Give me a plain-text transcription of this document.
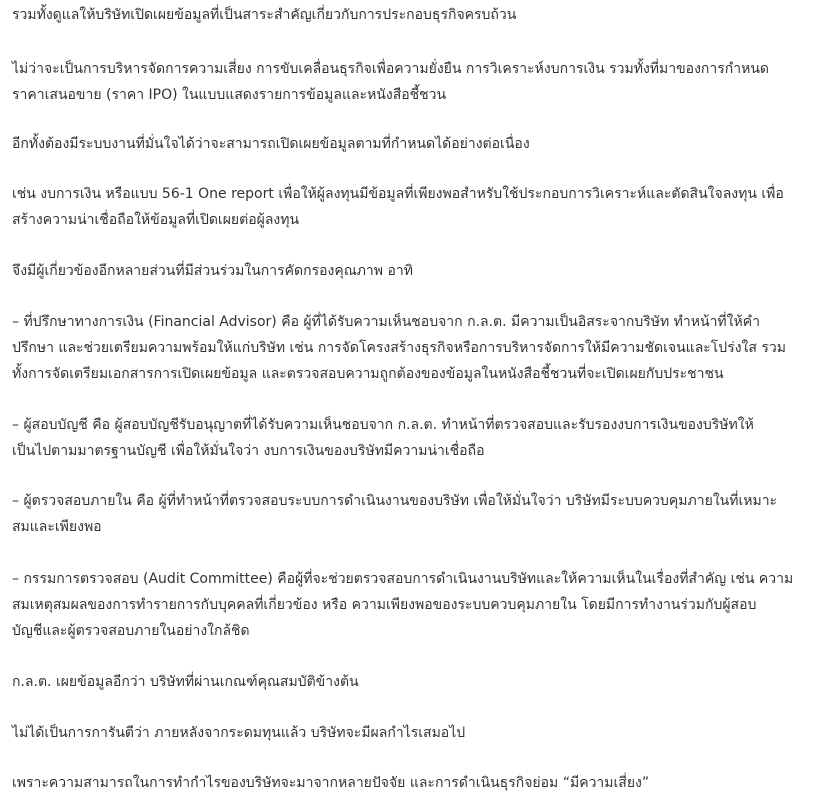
รวมทั้งดูแลให้บริษัทเปิดเผยข้อมูลที่เป็นสาระสำคัญเกี่ยวกับการประกอบธุรกิจครบถ้วน

ไม่ว่าจะเป็นการบริหารจัดการความเสี่ยง การขับเคลื่อนธุรกิจเพื่อความยั่งยืน การวิเคราะห์งบการเงิน รวมทั้งที่มาของการกำหนด
ราคาเสนอขาย (ราคา IPO) ในแบบแสดงรายการข้อมูลและหนังสือชี้ชวน

อีกทั้งต้องมีระบบงานที่มั่นใจได้ว่าจะสามารถเปิดเผยข้อมูลตามที่กำหนดได้อย่างต่อเนื่อง

เช่น งบการเงิน หรือแบบ 56-1 One report เพื่อให้ผู้ลงทุนมีข้อมูลที่เพียงพอสำหรับใช้ประกอบการวิเคราะห์และตัดสินใจลงทุน เพื่อ
สร้างความน่าเชื่อถือให้ข้อมูลที่เปิดเผยต่อผู้ลงทุน

จึงมีผู้เกี่ยวข้องอีกหลายส่วนที่มีส่วนร่วมในการคัดกรองคุณภาพ อาทิ

– ที่ปรึกษาทางการเงิน (Financial Advisor) คือ ผู้ที่ได้รับความเห็นชอบจาก ก.ล.ต. มีความเป็นอิสระจากบริษัท ทำหน้าที่ให้คำ
ปรึกษา และช่วยเตรียมความพร้อมให้แก่บริษัท เช่น การจัดโครงสร้างธุรกิจหรือการบริหารจัดการให้มีความชัดเจนและโปร่งใส รวม
ทั้งการจัดเตรียมเอกสารการเปิดเผยข้อมูล และตรวจสอบความถูกต้องของข้อมูลในหนังสือชี้ชวนที่จะเปิดเผยกับประชาชน

– ผู้สอบบัญชี คือ ผู้สอบบัญชีรับอนุญาตที่ได้รับความเห็นชอบจาก ก.ล.ต. ทำหน้าที่ตรวจสอบและรับรองงบการเงินของบริษัทให้
เป็นไปตามมาตรฐานบัญชี เพื่อให้มั่นใจว่า งบการเงินของบริษัทมีความน่าเชื่อถือ

– ผู้ตรวจสอบภายใน คือ ผู้ที่ทำหน้าที่ตรวจสอบระบบการดำเนินงานของบริษัท เพื่อให้มั่นใจว่า บริษัทมีระบบควบคุมภายในที่เหมาะ
สมและเพียงพอ

– กรรมการตรวจสอบ (Audit Committee) คือผู้ที่จะช่วยตรวจสอบการดำเนินงานบริษัทและให้ความเห็นในเรื่องที่สำคัญ เช่น ความ
สมเหตุสมผลของการทำรายการกับบุคคลที่เกี่ยวข้อง หรือ ความเพียงพอของระบบควบคุมภายใน โดยมีการทำงานร่วมกับผู้สอบ
บัญชีและผู้ตรวจสอบภายในอย่างใกล้ชิด

ก.ล.ต. เผยข้อมูลอีกว่า บริษัทที่ผ่านเกณฑ์คุณสมบัติข้างต้น

ไม่ได้เป็นการการันตีว่า ภายหลังจากระดมทุนแล้ว บริษัทจะมีผลกำไรเสมอไป

เพราะความสามารถในการทำกำไรของบริษัทจะมาจากหลายปัจจัย และการดำเนินธุรกิจย่อม “มีความเสี่ยง”
